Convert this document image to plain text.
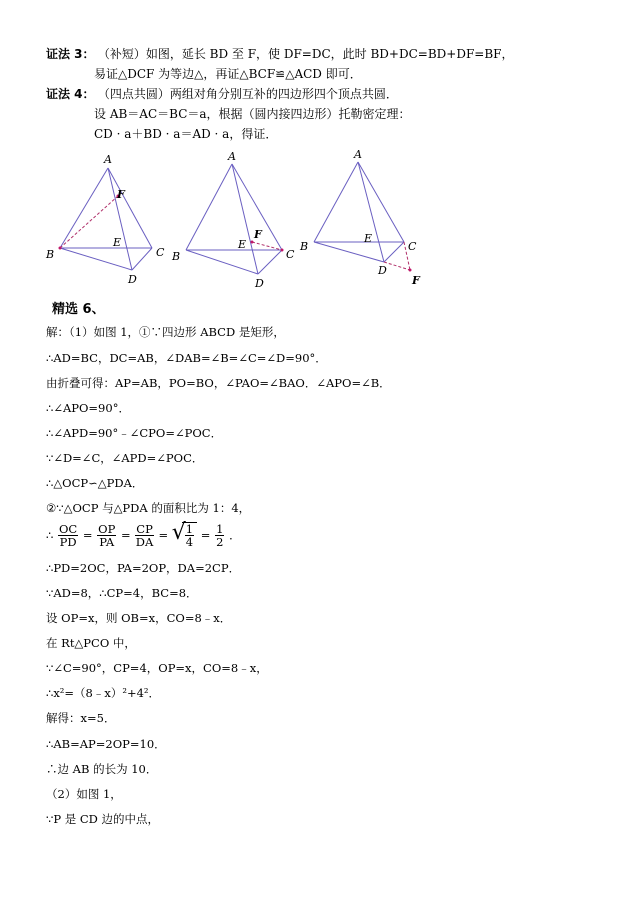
证法 3： （补短）如图，延长 BD 至 F，使 DF=DC，此时 BD+DC=BD+DF=BF，
易证△DCF 为等边△，再证△BCF≌△ACD 即可．
证法 4： （四点共圆）两组对角分别互补的四边形四个顶点共圆．
设 AB＝AC＝BC＝a，根据（圆内接四边形）托勒密定理：
CD · a＋BD · a＝AD · a，得证．
A
F
E
B	C
D
A
F
E
B	C
D
A
E
B	C
D
F
精选 6、
解：（1）如图 1，①∵四边形 ABCD 是矩形，
∴AD=BC，DC=AB，∠DAB=∠B=∠C=∠D=90°．
由折叠可得：AP=AB，PO=BO，∠PAO=∠BAO．∠APO=∠B．
∴∠APO=90°．
∴∠APD=90°﹣∠CPO=∠POC．
∵∠D=∠C，∠APD=∠POC．
∴△OCP∽△PDA．
②∵△OCP 与△PDA 的面积比为 1：4，
∴ $\frac{OC}{PD} = \frac{OP}{PA} = \frac{CP}{DA}$ = √
$\frac{1}{4} = \frac{1}{2}$ ．
∴PD=2OC，PA=2OP，DA=2CP．
∵AD=8，∴CP=4，BC=8．
设 OP=x，则 OB=x，CO=8﹣x．
在 Rt△PCO 中，
∵∠C=90°，CP=4，OP=x，CO=8﹣x，
∴x²=（8﹣x）²+4²．
解得：x=5．
∴AB=AP=2OP=10．
∴边 AB 的长为 10．
（2）如图 1，
∵P 是 CD 边的中点，
